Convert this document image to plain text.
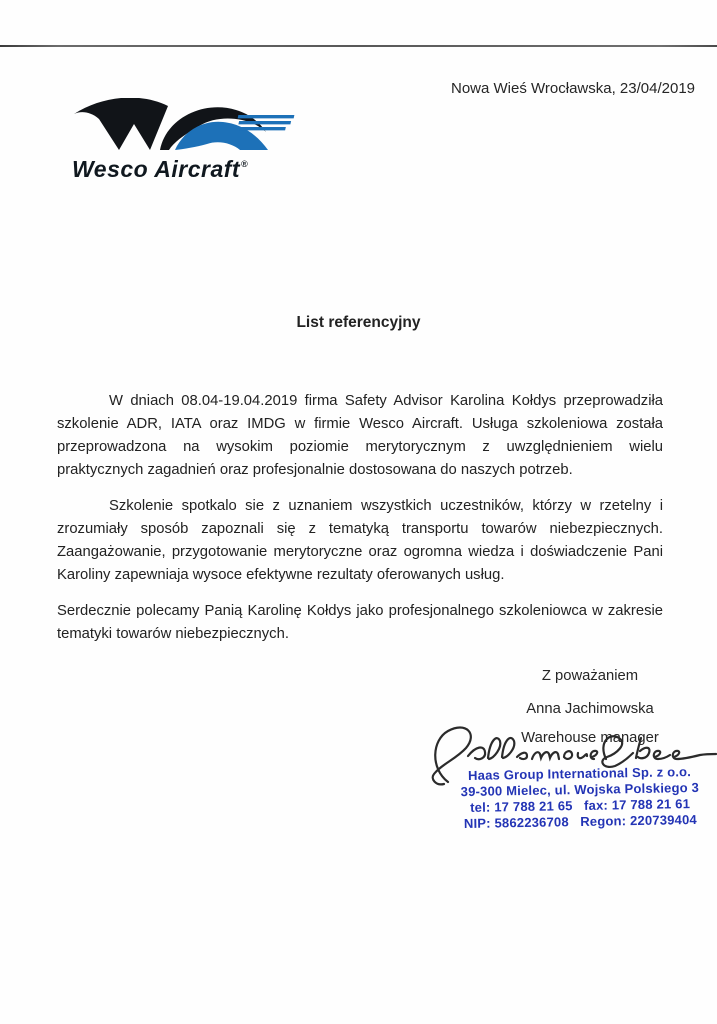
Nowa Wieś Wrocławska, 23/04/2019
Wesco Aircraft®
List referencyjny

W dniach 08.04-19.04.2019 firma Safety Advisor Karolina Kołdys przeprowadziła szkolenie ADR, IATA oraz IMDG w firmie Wesco Aircraft. Usługa szkoleniowa została przeprowadzona na wysokim poziomie merytorycznym z uwzględnieniem wielu praktycznych zagadnień oraz profesjonalnie dostosowana do naszych potrzeb.

Szkolenie spotkalo sie z uznaniem wszystkich uczestników, którzy w rzetelny i zrozumiały sposób zapoznali się z tematyką transportu towarów niebezpiecznych. Zaangażowanie, przygotowanie merytoryczne oraz ogromna wiedza i doświadczenie Pani Karoliny zapewniaja wysoce efektywne rezultaty oferowanych usług.

Serdecznie polecamy Panią Karolinę Kołdys jako profesjonalnego szkoleniowca w zakresie tematyki towarów niebezpiecznych.

Z poważaniem
Anna Jachimowska
Warehouse manager
Haas Group International Sp. z o.o.
39-300 Mielec, ul. Wojska Polskiego 3
tel: 17 788 21 65   fax: 17 788 21 61
NIP: 5862236708   Regon: 220739404
